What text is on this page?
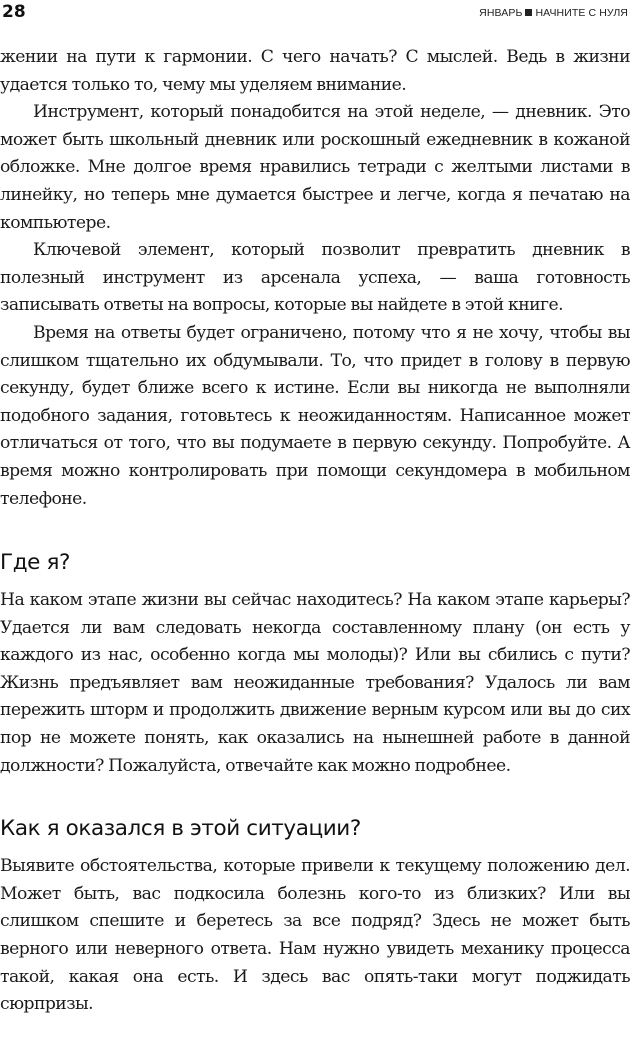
28	ЯНВАРЬ НАЧНИТЕ С НУЛЯ

жении на пути к гармонии. С чего начать? С мыслей. Ведь в жизни удается только то, чему мы уделяем внимание.

Инструмент, который понадобится на этой неделе, — дневник. Это может быть школьный дневник или роскошный ежедневник в кожаной обложке. Мне долгое время нравились тетради с желтыми листами в линейку, но теперь мне думается быстрее и легче, когда я печатаю на компьютере.

Ключевой элемент, который позволит превратить дневник в полезный инструмент из арсенала успеха, — ваша готовность записывать ответы на вопросы, которые вы найдете в этой книге.

Время на ответы будет ограничено, потому что я не хочу, чтобы вы слишком тщательно их обдумывали. То, что придет в голову в первую секунду, будет ближе всего к истине. Если вы никогда не выполняли подобного задания, готовьтесь к неожиданностям. Написанное может отличаться от того, что вы подумаете в первую секунду. Попробуйте. А время можно контролировать при помощи секундомера в мобильном телефоне.

Где я?

На каком этапе жизни вы сейчас находитесь? На каком этапе карьеры? Удается ли вам следовать некогда составленному плану (он есть у каждого из нас, особенно когда мы молоды)? Или вы сбились с пути? Жизнь предъявляет вам неожиданные требования? Удалось ли вам пережить шторм и продолжить движение верным курсом или вы до сих пор не можете понять, как оказались на нынешней работе в данной должности? Пожалуйста, отвечайте как можно подробнее.

Как я оказался в этой ситуации?

Выявите обстоятельства, которые привели к текущему положению дел. Может быть, вас подкосила болезнь кого-то из близких? Или вы слишком спешите и беретесь за все подряд? Здесь не может быть верного или неверного ответа. Нам нужно увидеть механику процесса такой, какая она есть. И здесь вас опять-таки могут поджидать сюрпризы.
